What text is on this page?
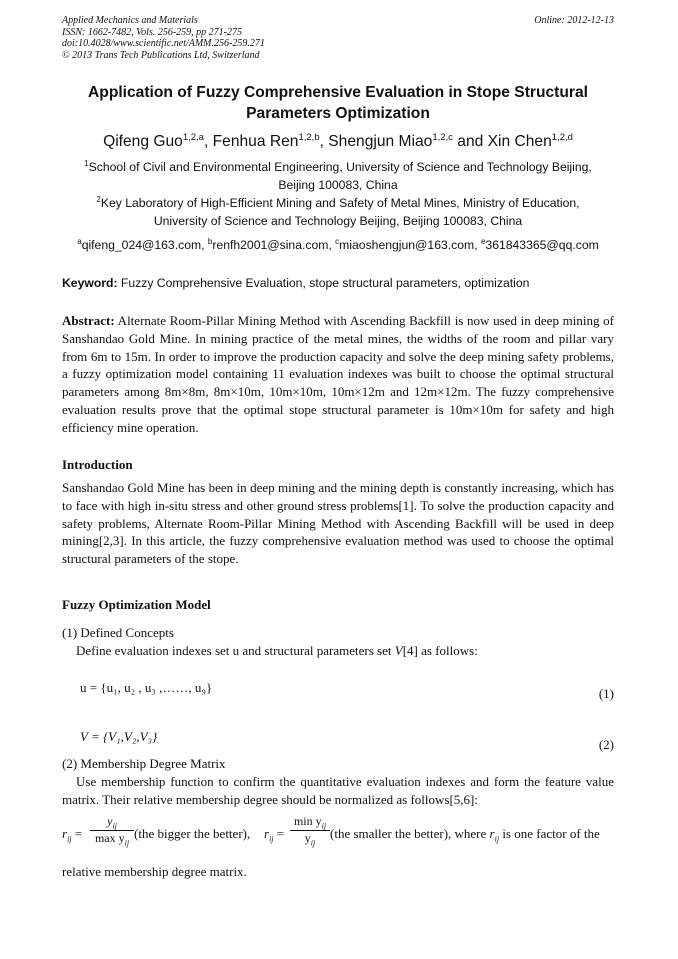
Applied Mechanics and Materials
ISSN: 1662-7482, Vols. 256-259, pp 271-275
doi:10.4028/www.scientific.net/AMM.256-259.271
© 2013 Trans Tech Publications Ltd, Switzerland
Online: 2012-12-13
Application of Fuzzy Comprehensive Evaluation in Stope Structural
Parameters Optimization
Qifeng Guo$^{1,2,a}$, Fenhua Ren$^{1,2,b}$, Shengjun Miao$^{1,2,c}$ and Xin Chen$^{1,2,d}$
$^1$School of Civil and Environmental Engineering, University of Science and Technology Beijing,
Beijing 100083, China
$^2$Key Laboratory of High-Efficient Mining and Safety of Metal Mines, Ministry of Education,
University of Science and Technology Beijing, Beijing 100083, China
$^a$qifeng_024@163.com, $^b$renfh2001@sina.com, $^c$miaoshengjun@163.com, $^e$361843365@qq.com
Keyword: Fuzzy Comprehensive Evaluation, stope structural parameters, optimization

Abstract: Alternate Room-Pillar Mining Method with Ascending Backfill is now used in deep mining of Sanshandao Gold Mine. In mining practice of the metal mines, the widths of the room and pillar vary from 6m to 15m. In order to improve the production capacity and solve the deep mining safety problems, a fuzzy optimization model containing 11 evaluation indexes was built to choose the optimal structural parameters among 8m×8m, 8m×10m, 10m×10m, 10m×12m and 12m×12m. The fuzzy comprehensive evaluation results prove that the optimal stope structural parameter is 10m×10m for safety and high efficiency mine operation.

Introduction

Sanshandao Gold Mine has been in deep mining and the mining depth is constantly increasing, which has to face with high in-situ stress and other ground stress problems[1]. To solve the production capacity and safety problems, Alternate Room-Pillar Mining Method with Ascending Backfill will be used in deep mining[2,3]. In this article, the fuzzy comprehensive evaluation method was used to choose the optimal structural parameters of the stope.

Fuzzy Optimization Model

(1) Defined Concepts

Define evaluation indexes set u and structural parameters set V[4] as follows:

u = {u₁, u₂ , u₃ ,……, u₉}	(1)
V = {V₁,V₂,V₃}
(2)

(2) Membership Degree Matrix

Use membership function to confirm the quantitative evaluation indexes and form the feature value matrix. Their relative membership degree should be normalized as follows[5,6]:

$r_{ij}$ =
$y_{ij}$
$\max y_{ij}$
(the bigger the better), $r_{ij}$ =
$\min y_{ij}$
$y_{ij}$
(the smaller the better), where $r_{ij}$ is one factor of the

relative membership degree matrix.
